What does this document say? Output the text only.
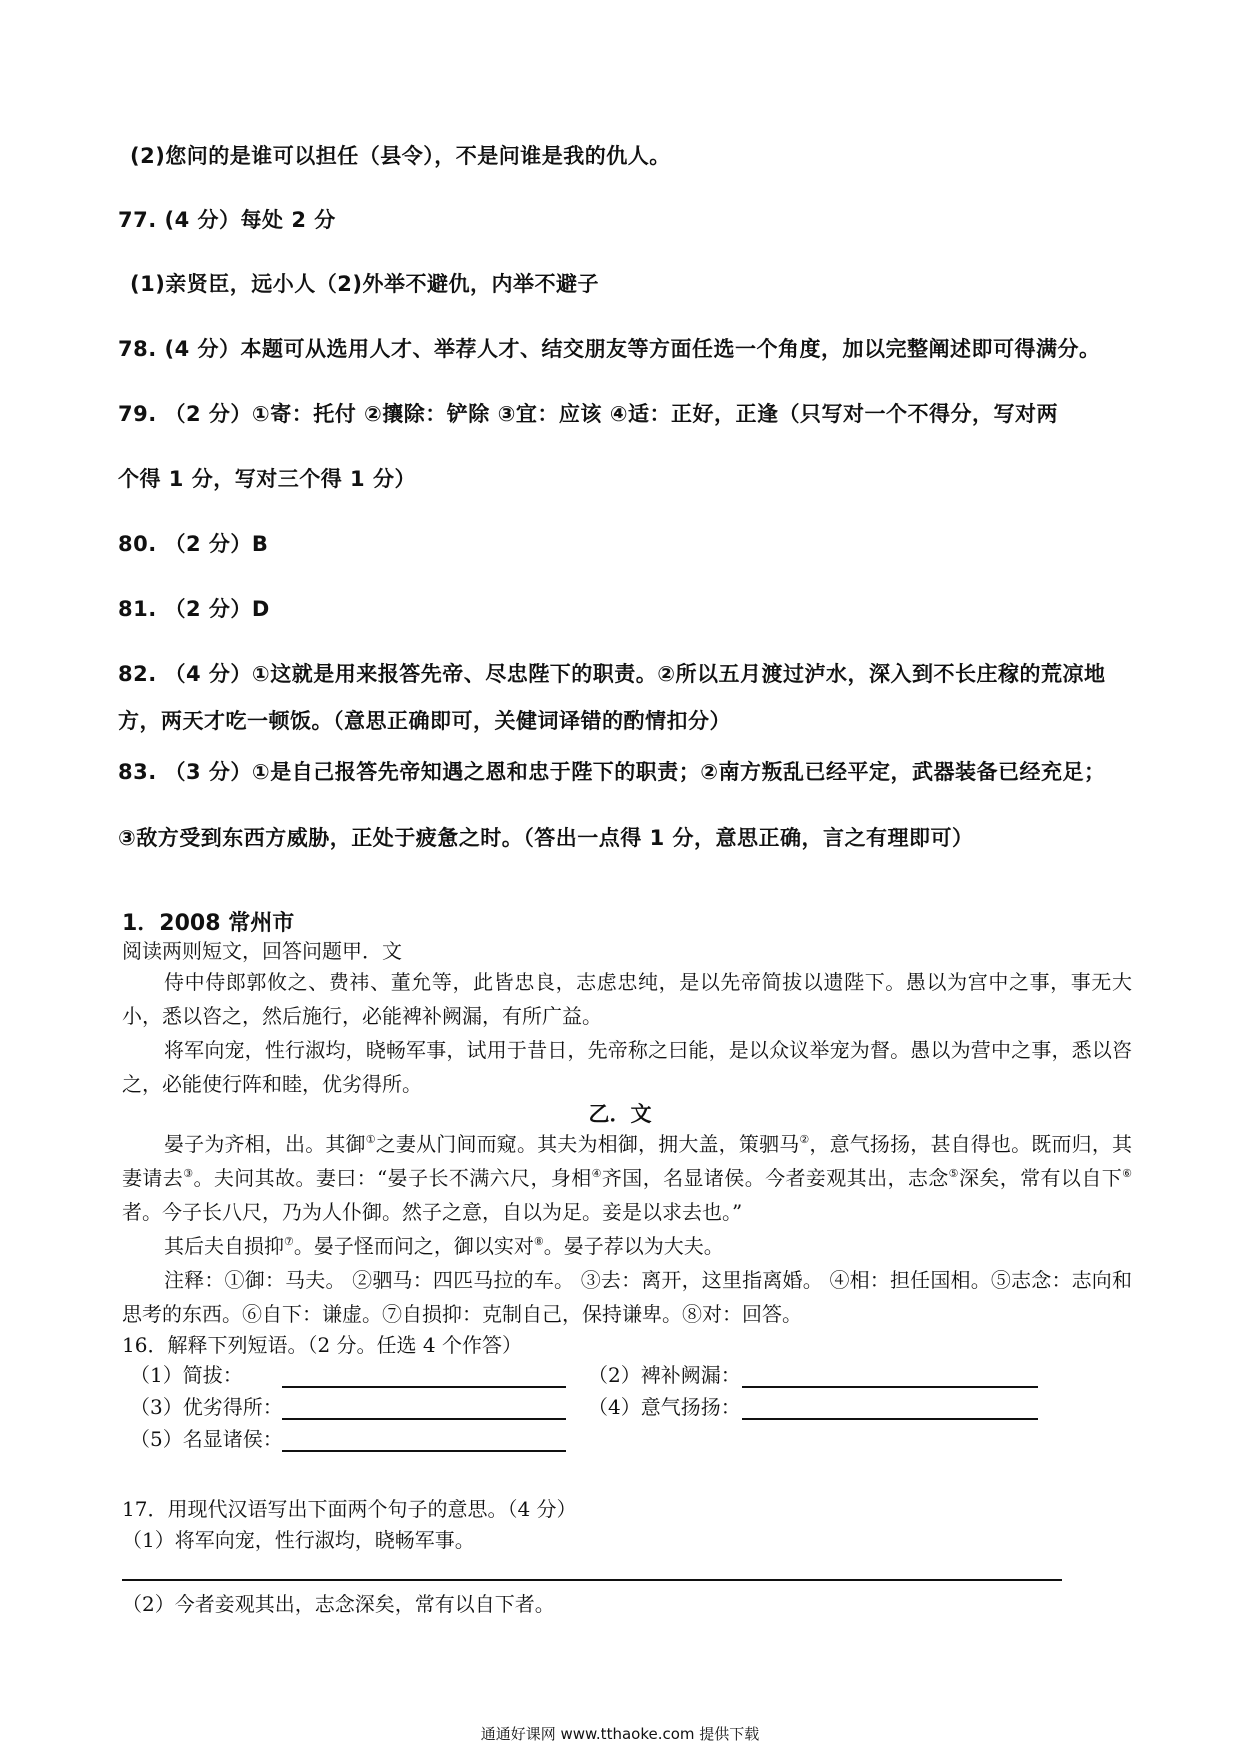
(2)您问的是谁可以担任（县令），不是问谁是我的仇人。
77. (4 分）每处 2 分
(1)亲贤臣，远小人（2)外举不避仇，内举不避子
78. (4 分）本题可从选用人才、举荐人才、结交朋友等方面任选一个角度，加以完整阐述即可得满分。
79. （2 分）①寄：托付 ②攘除：铲除 ③宜：应该 ④适：正好，正逢（只写对一个不得分，写对两
个得 1 分，写对三个得 1 分）
80. （2 分）B
81. （2 分）D
82. （4 分）①这就是用来报答先帝、尽忠陛下的职责。②所以五月渡过泸水，深入到不长庄稼的荒凉地
方，两天才吃一顿饭。（意思正确即可，关健词译错的酌情扣分）
83. （3 分）①是自己报答先帝知遇之恩和忠于陛下的职责；②南方叛乱已经平定，武器装备已经充足；
③敌方受到东西方威胁，正处于疲惫之时。（答出一点得 1 分，意思正确，言之有理即可）
1．2008 常州市
阅读两则短文，回答问题甲．文
侍中侍郎郭攸之、费祎、董允等，此皆忠良，志虑忠纯，是以先帝简拔以遗陛下。愚以为宫中之事，事无大小，悉以咨之，然后施行，必能裨补阙漏，有所广益。
将军向宠，性行淑均，晓畅军事，试用于昔日，先帝称之曰能，是以众议举宠为督。愚以为营中之事，悉以咨之，必能使行阵和睦，优劣得所。
乙．文
晏子为齐相，出。其御①之妻从门间而窥。其夫为相御，拥大盖，策驷马②，意气扬扬，甚自得也。既而归，其妻请去③。夫问其故。妻曰：“晏子长不满六尺，身相④齐国，名显诸侯。今者妾观其出，志念⑤深矣，常有以自下⑥者。今子长八尺，乃为人仆御。然子之意，自以为足。妾是以求去也。”
其后夫自损抑⑦。晏子怪而问之，御以实对⑧。晏子荐以为大夫。
注释：①御：马夫。 ②驷马：四匹马拉的车。 ③去：离开，这里指离婚。 ④相：担任国相。⑤志念：志向和思考的东西。⑥自下：谦虚。⑦自损抑：克制自己，保持谦卑。⑧对：回答。
16．解释下列短语。（2 分。任选 4 个作答）
（1）简拔：	（2）裨补阙漏：
（3）优劣得所：	（4）意气扬扬：
（5）名显诸侯：
17．用现代汉语写出下面两个句子的意思。（4 分）
（1）将军向宠，性行淑均，晓畅军事。
（2）今者妾观其出，志念深矣，常有以自下者。
通通好课网 www.tthaoke.com 提供下载
